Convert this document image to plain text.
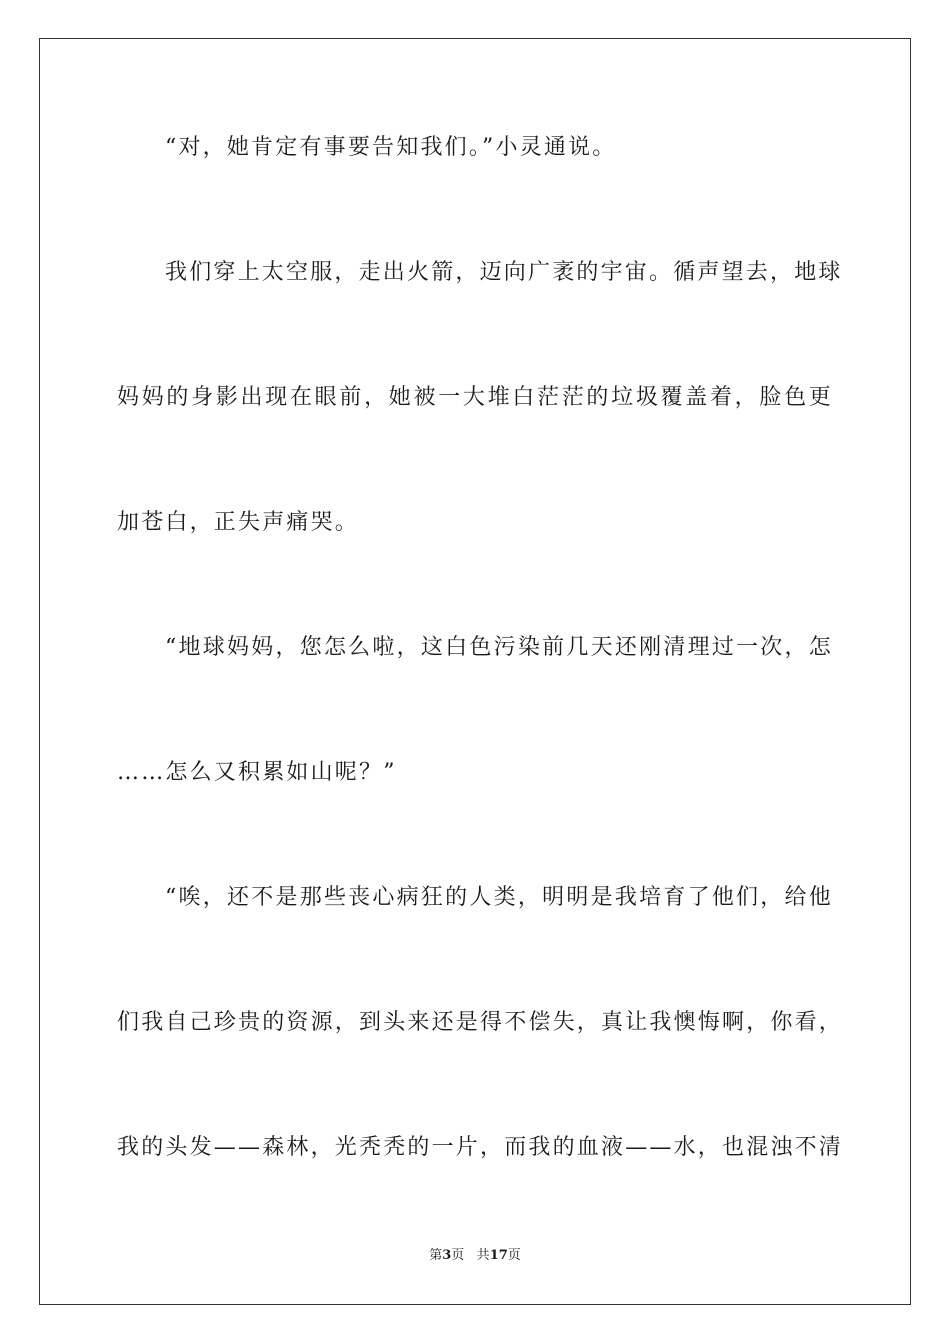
“对，她肯定有事要告知我们。”小灵通说。
我们穿上太空服，走出火箭，迈向广袤的宇宙。循声望去，地球
妈妈的身影出现在眼前，她被一大堆白茫茫的垃圾覆盖着，脸色更
加苍白，正失声痛哭。
“地球妈妈，您怎么啦，这白色污染前几天还刚清理过一次，怎
……怎么又积累如山呢？”
“唉，还不是那些丧心病狂的人类，明明是我培育了他们，给他
们我自己珍贵的资源，到头来还是得不偿失，真让我懊悔啊，你看，
我的头发——森林，光秃秃的一片，而我的血液——水，也混浊不清
第3页 共17页
